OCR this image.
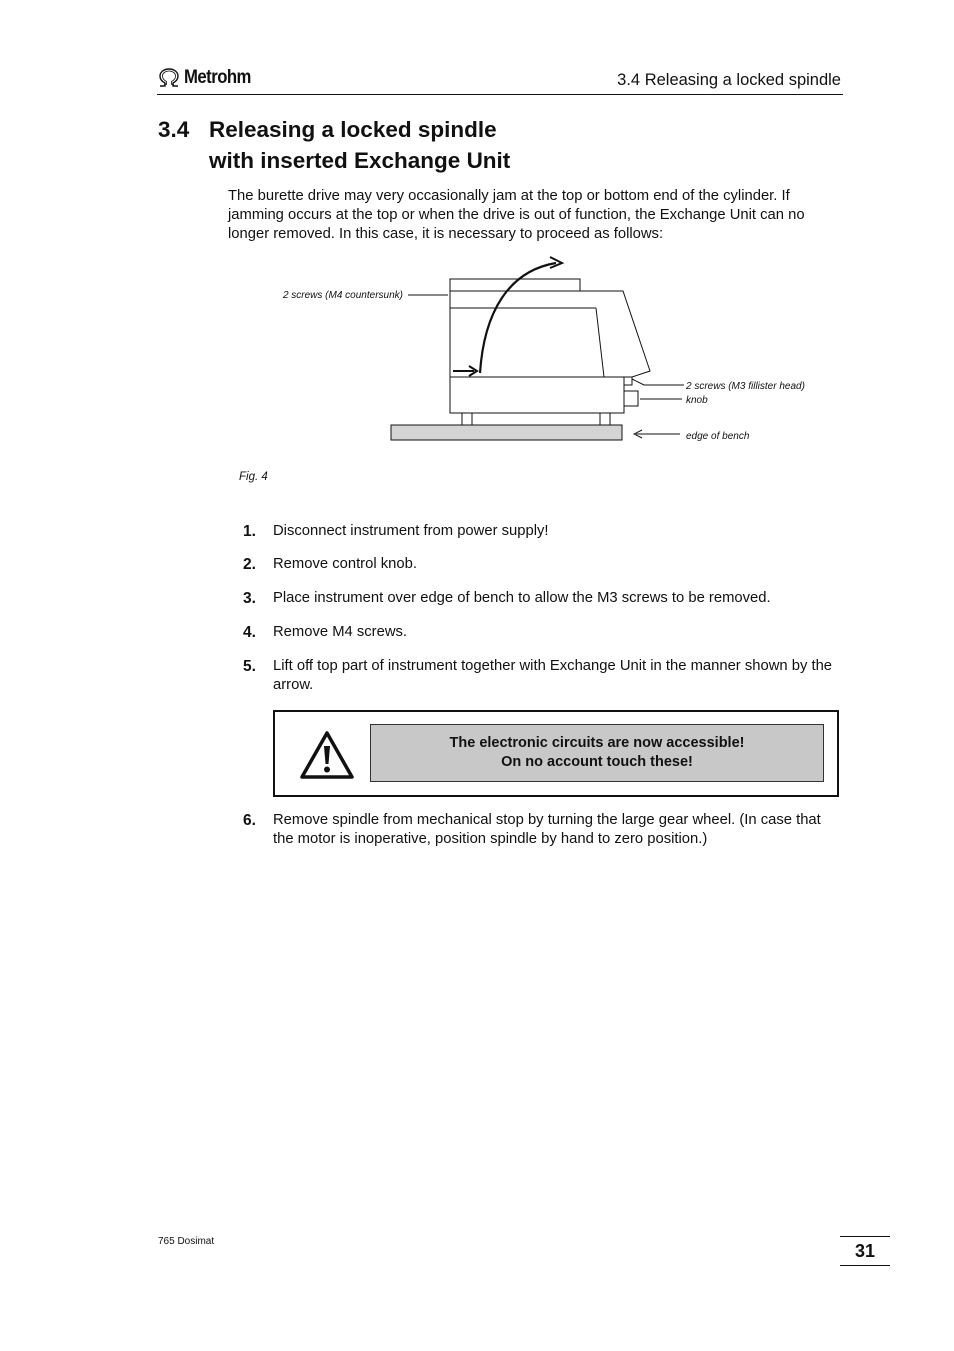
Metrohm	3.4 Releasing a locked spindle
3.4 Releasing a locked spindle
with inserted Exchange Unit
The burette drive may very occasionally jam at the top or bottom end of the cylinder. If jamming occurs at the top or when the drive is out of function, the Exchange Unit can no longer removed. In this case, it is necessary to proceed as follows:
2 screws (M4 countersunk)
2 screws (M3 fillister head)
knob
edge of bench
Fig. 4
1.	Disconnect instrument from power supply!
2.	Remove control knob.
3.	Place instrument over edge of bench to allow the M3 screws to be removed.
4.	Remove M4 screws.
5.	Lift off top part of instrument together with Exchange Unit in the manner shown by the arrow.
The electronic circuits are now accessible!
On no account touch these!
6.	Remove spindle from mechanical stop by turning the large gear wheel. (In case that the motor is inoperative, position spindle by hand to zero position.)
765 Dosimat	31
